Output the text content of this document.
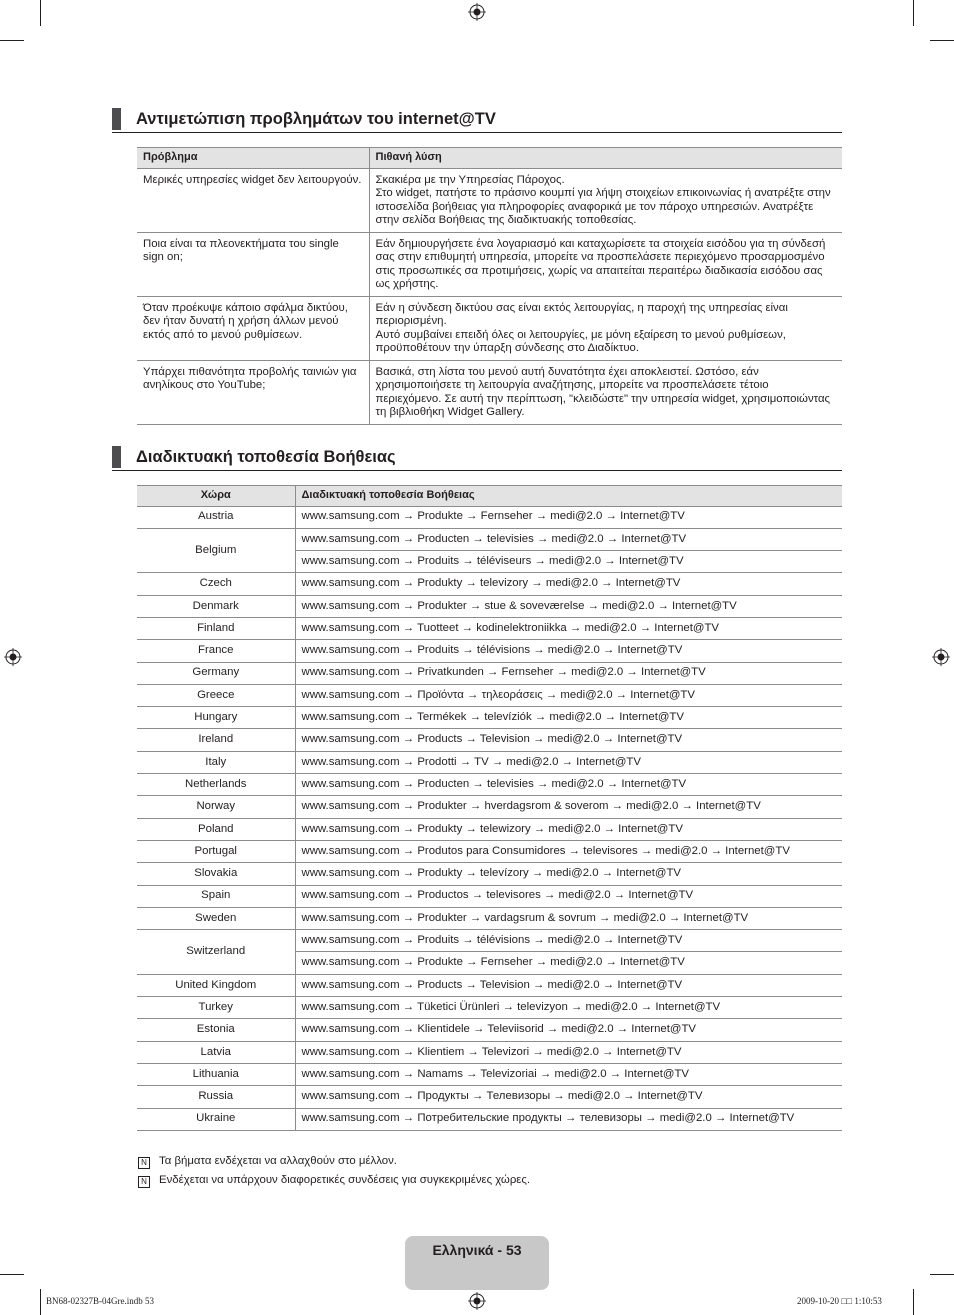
Αντιμετώπιση προβλημάτων του internet@TV
Πρόβλημα	Πιθανή λύση
Μερικές υπηρεσίες widget δεν λειτουργούν.	Σκακιέρα με την Υπηρεσίας Πάροχος.
Στο widget, πατήστε το πράσινο κουμπί για λήψη στοιχείων επικοινωνίας ή ανατρέξτε στην ιστοσελίδα βοήθειας για πληροφορίες αναφορικά με τον πάροχο υπηρεσιών. Ανατρέξτε στην σελίδα Βοήθειας της διαδικτυακής τοποθεσίας.
Ποια είναι τα πλεονεκτήματα του single sign on;	Εάν δημιουργήσετε ένα λογαριασμό και καταχωρίσετε τα στοιχεία εισόδου για τη σύνδεσή σας στην επιθυμητή υπηρεσία, μπορείτε να προσπελάσετε περιεχόμενο προσαρμοσμένο στις προσωπικές σα προτιμήσεις, χωρίς να απαιτείται περαιτέρω διαδικασία εισόδου σας ως χρήστης.
Όταν προέκυψε κάποιο σφάλμα δικτύου, δεν ήταν δυνατή η χρήση άλλων μενού εκτός από το μενού ρυθμίσεων.	Εάν η σύνδεση δικτύου σας είναι εκτός λειτουργίας, η παροχή της υπηρεσίας είναι περιορισμένη.
Αυτό συμβαίνει επειδή όλες οι λειτουργίες, με μόνη εξαίρεση το μενού ρυθμίσεων, προϋποθέτουν την ύπαρξη σύνδεσης στο Διαδίκτυο.
Υπάρχει πιθανότητα προβολής ταινιών για ανηλίκους στο YouTube;	Βασικά, στη λίστα του μενού αυτή δυνατότητα έχει αποκλειστεί. Ωστόσο, εάν χρησιμοποιήσετε τη λειτουργία αναζήτησης, μπορείτε να προσπελάσετε τέτοιο περιεχόμενο. Σε αυτή την περίπτωση, "κλειδώστε" την υπηρεσία widget, χρησιμοποιώντας τη βιβλιοθήκη Widget Gallery.
Διαδικτυακή τοποθεσία Βοήθειας
Χώρα	Διαδικτυακή τοποθεσία Βοήθειας
Austria	www.samsung.com → Produkte → Fernseher → medi@2.0 → Internet@TV
Belgium	www.samsung.com → Producten → televisies → medi@2.0 → Internet@TV
	www.samsung.com → Produits → téléviseurs → medi@2.0 → Internet@TV
Czech	www.samsung.com → Produkty → televizory → medi@2.0 → Internet@TV
Denmark	www.samsung.com → Produkter → stue & soveværelse → medi@2.0 → Internet@TV
Finland	www.samsung.com → Tuotteet → kodinelektroniikka → medi@2.0 → Internet@TV
France	www.samsung.com → Produits → télévisions → medi@2.0 → Internet@TV
Germany	www.samsung.com → Privatkunden → Fernseher → medi@2.0 → Internet@TV
Greece	www.samsung.com → Προϊόντα → τηλεοράσεις → medi@2.0 → Internet@TV
Hungary	www.samsung.com → Termékek → televíziók → medi@2.0 → Internet@TV
Ireland	www.samsung.com → Products → Television → medi@2.0 → Internet@TV
Italy	www.samsung.com → Prodotti → TV → medi@2.0 → Internet@TV
Netherlands	www.samsung.com → Producten → televisies → medi@2.0 → Internet@TV
Norway	www.samsung.com → Produkter → hverdagsrom & soverom → medi@2.0 → Internet@TV
Poland	www.samsung.com → Produkty → telewizory → medi@2.0 → Internet@TV
Portugal	www.samsung.com → Produtos para Consumidores → televisores → medi@2.0 → Internet@TV
Slovakia	www.samsung.com → Produkty → televízory → medi@2.0 → Internet@TV
Spain	www.samsung.com → Productos → televisores → medi@2.0 → Internet@TV
Sweden	www.samsung.com → Produkter → vardagsrum & sovrum → medi@2.0 → Internet@TV
Switzerland	www.samsung.com → Produits → télévisions → medi@2.0 → Internet@TV
	www.samsung.com → Produkte → Fernseher → medi@2.0 → Internet@TV
United Kingdom	www.samsung.com → Products → Television → medi@2.0 → Internet@TV
Turkey	www.samsung.com → Tüketici Ürünleri → televizyon → medi@2.0 → Internet@TV
Estonia	www.samsung.com → Klientidele → Televiisorid → medi@2.0 → Internet@TV
Latvia	www.samsung.com → Klientiem → Televizori → medi@2.0 → Internet@TV
Lithuania	www.samsung.com → Namams → Televizoriai → medi@2.0 → Internet@TV
Russia	www.samsung.com → Продукты → Телевизоры → medi@2.0 → Internet@TV
Ukraine	www.samsung.com → Потребительские продукты → телевизоры → medi@2.0 → Internet@TV
N Τα βήματα ενδέχεται να αλλαχθούν στο μέλλον.
N Ενδέχεται να υπάρχουν διαφορετικές συνδέσεις για συγκεκριμένες χώρες.
Ελληνικά - 53
BN68-02327B-04Gre.indb 53	2009-10-20 □□ 1:10:53
